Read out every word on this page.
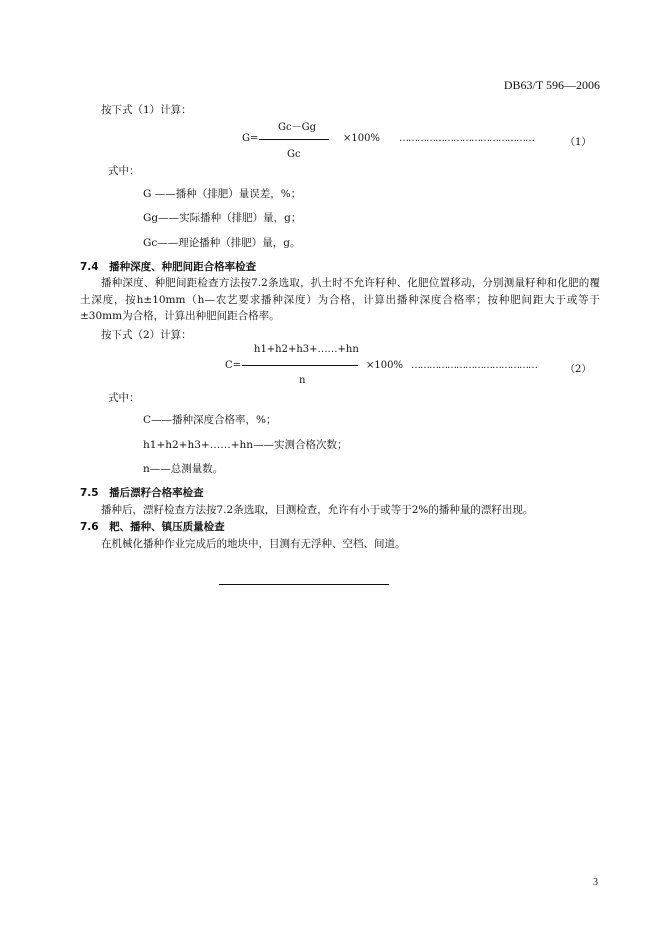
DB63/T 596—2006
按下式（1）计算：
Gc－Gg
G=	×100% ………………………………………	（1）
Gc
式中：
G ——播种（排肥）量误差，%；
Gg——实际播种（排肥）量，g；
Gc——理论播种（排肥）量，g。
7.4　播种深度、种肥间距合格率检查
播种深度、种肥间距检查方法按7.2条选取，扒土时不允许籽种、化肥位置移动，分别测量籽种和化肥的覆土深度，按h±10mm（h—农艺要求播种深度）为合格，计算出播种深度合格率；按种肥间距大于或等于±30mm为合格，计算出种肥间距合格率。
按下式（2）计算：
h1+h2+h3+……+hn
C=	×100% ……………………………………	（2）
n
式中：
C——播种深度合格率，%；
h1+h2+h3+……+hn——实测合格次数；
n——总测量数。
7.5　播后漂籽合格率检查
播种后，漂籽检查方法按7.2条选取，目测检查，允许有小于或等于2%的播种量的漂籽出现。
7.6　耙、播种、镇压质量检查
在机械化播种作业完成后的地块中，目测有无浮种、空档、间道。
3
